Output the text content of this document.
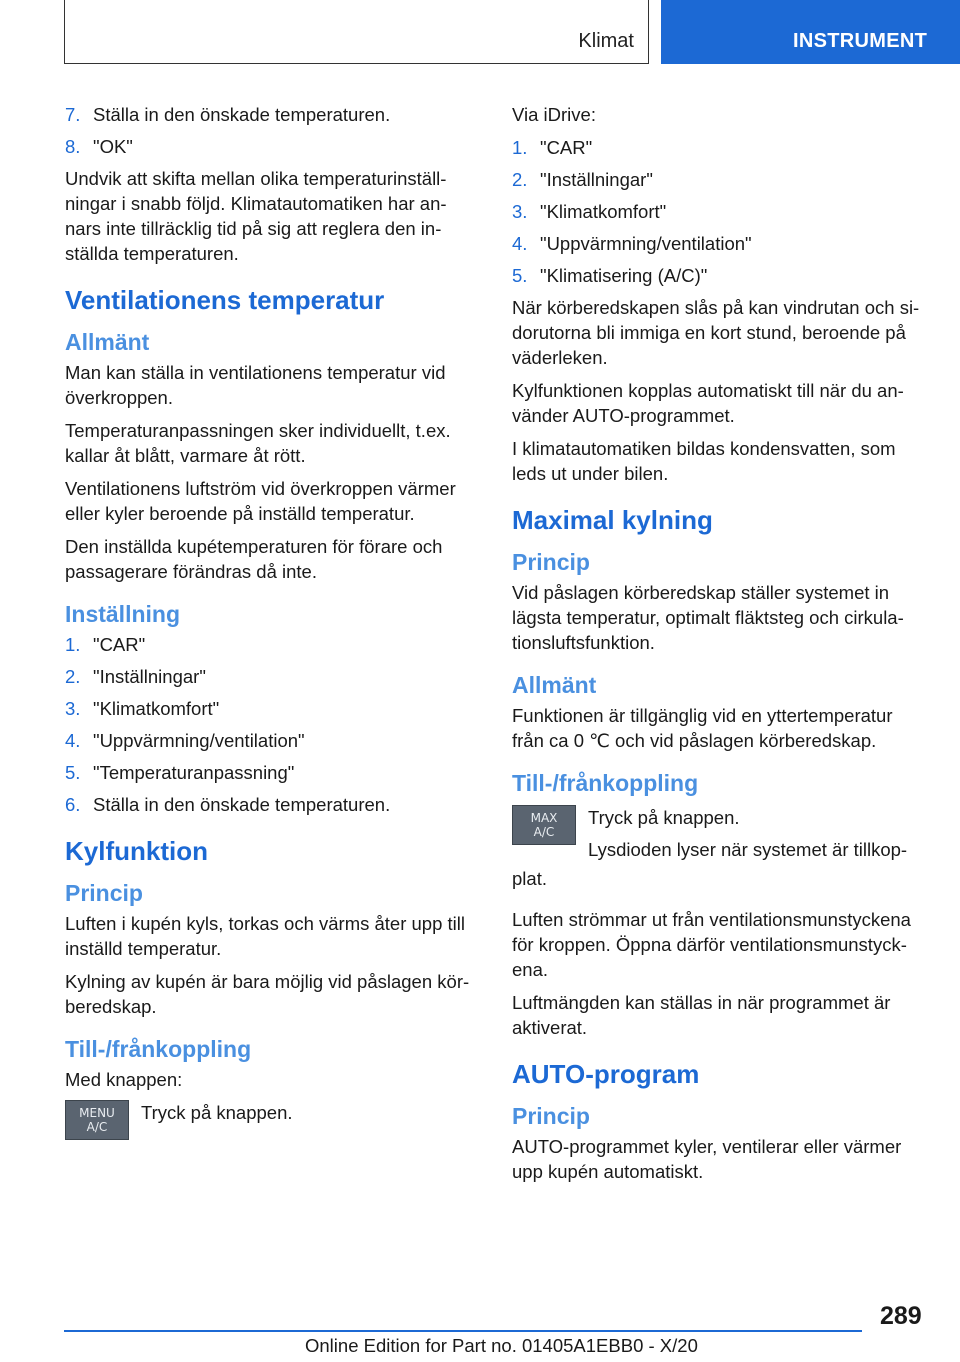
Klimat	INSTRUMENT
7. Ställa in den önskade temperaturen.
8. "OK"
Undvik att skifta mellan olika temperaturinställ‐
ningar i snabb följd. Klimatautomatiken har an‐
nars inte tillräcklig tid på sig att reglera den in‐
ställda temperaturen.
Ventilationens temperatur
Allmänt
Man kan ställa in ventilationens temperatur vid
överkroppen.
Temperaturanpassningen sker individuellt, t.ex.
kallar åt blått, varmare åt rött.
Ventilationens luftström vid överkroppen värmer
eller kyler beroende på inställd temperatur.
Den inställda kupétemperaturen för förare och
passagerare förändras då inte.
Inställning
1. "CAR"
2. "Inställningar"
3. "Klimatkomfort"
4. "Uppvärmning/ventilation"
5. "Temperaturanpassning"
6. Ställa in den önskade temperaturen.
Kylfunktion
Princip
Luften i kupén kyls, torkas och värms åter upp till
inställd temperatur.
Kylning av kupén är bara möjlig vid påslagen kör‐
beredskap.
Till-/frånkoppling
Med knappen:
MENU
A/C
Tryck på knappen.
Via iDrive:
1. "CAR"
2. "Inställningar"
3. "Klimatkomfort"
4. "Uppvärmning/ventilation"
5. "Klimatisering (A/C)"
När körberedskapen slås på kan vindrutan och si‐
dorutorna bli immiga en kort stund, beroende på
väderleken.
Kylfunktionen kopplas automatiskt till när du an‐
vänder AUTO-programmet.
I klimatautomatiken bildas kondensvatten, som
leds ut under bilen.
Maximal kylning
Princip
Vid påslagen körberedskap ställer systemet in
lägsta temperatur, optimalt fläktsteg och cirkula‐
tionsluftsfunktion.
Allmänt
Funktionen är tillgänglig vid en yttertemperatur
från ca 0 ℃ och vid påslagen körberedskap.
Till-/frånkoppling
MAX
A/C
Tryck på knappen.
Lysdioden lyser när systemet är tillkop‐
plat.
Luften strömmar ut från ventilationsmunstyckena
för kroppen. Öppna därför ventilationsmunstyck‐
ena.
Luftmängden kan ställas in när programmet är
aktiverat.
AUTO-program
Princip
AUTO-programmet kyler, ventilerar eller värmer
upp kupén automatiskt.
289
Online Edition for Part no. 01405A1EBB0 - X/20
